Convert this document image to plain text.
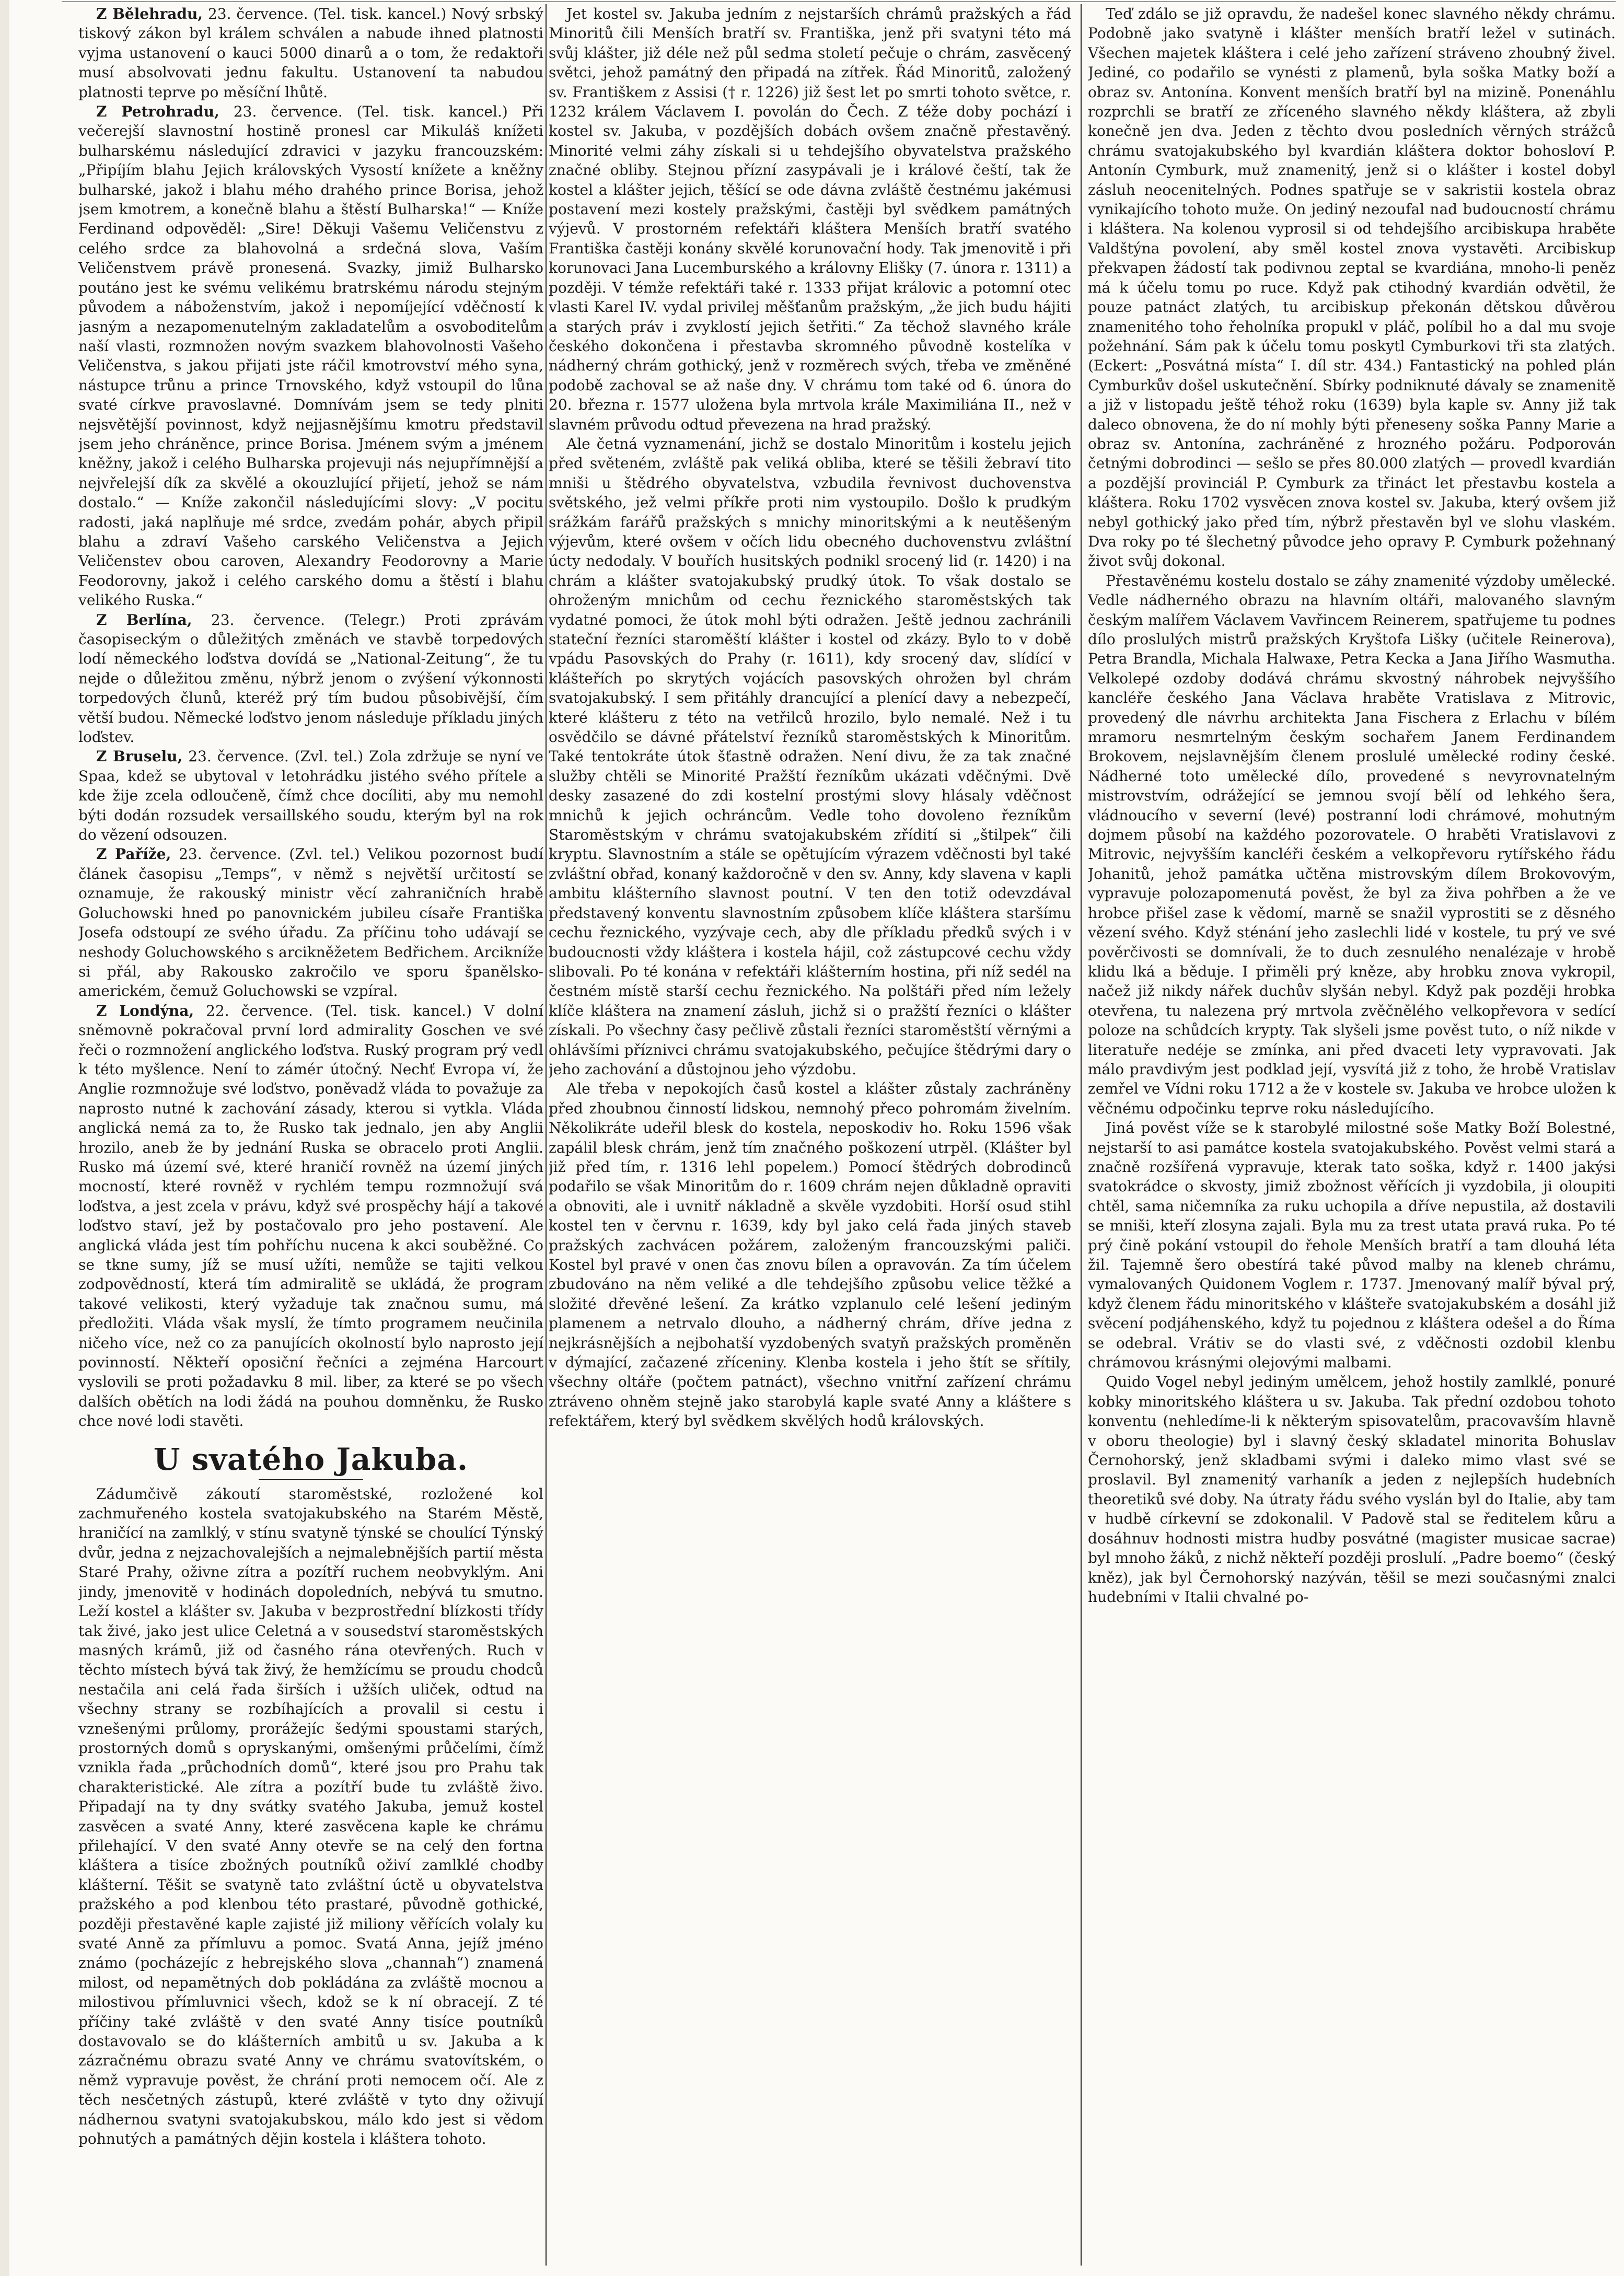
Z Bělehradu, 23. července. (Tel. tisk. kancel.) Nový srbský tiskový zákon byl králem schválen a nabude ihned platnosti vyjma ustanovení o kauci 5000 dinarů a o tom, že redaktoři musí absolvovati jednu fakultu. Ustanovení ta nabudou platnosti teprve po měsíční lhůtě.

Z Petrohradu, 23. července. (Tel. tisk. kancel.) Při večerejší slavnostní hostině pronesl car Mikuláš knížeti bulharskému následující zdravici v jazyku francouzském: „Připíjím blahu Jejich královských Vysostí knížete a kněžny bulharské, jakož i blahu mého drahého prince Borisa, jehož jsem kmotrem, a konečně blahu a štěstí Bulharska!“ — Kníže Ferdinand odpověděl: „Sire! Děkuji Vašemu Veličenstvu z celého srdce za blahovolná a srdečná slova, Vaším Veličenstvem právě pronesená. Svazky, jimiž Bulharsko poutáno jest ke svému velikému bratrskému národu stejným původem a náboženstvím, jakož i nepomíjející vděčností k jasným a nezapomenutelným zakladatelům a osvoboditelům naší vlasti, rozmnožen novým svazkem blahovolnosti Vašeho Veličenstva, s jakou přijati jste ráčil kmotrovství mého syna, nástupce trůnu a prince Trnovského, když vstoupil do lůna svaté církve pravoslavné. Domnívám jsem se tedy plniti nejsvětější povinnost, když nejjasnějšímu kmotru představil jsem jeho chráněnce, prince Borisa. Jménem svým a jménem kněžny, jakož i celého Bulharska projevuji nás nejupřímnější a nejvřelejší dík za skvělé a okouzlující přijetí, jehož se nám dostalo.“ — Kníže zakončil následujícími slovy: „V pocitu radosti, jaká naplňuje mé srdce, zvedám pohár, abych připil blahu a zdraví Vašeho carského Veličenstva a Jejich Veličenstev obou caroven, Alexandry Feodorovny a Marie Feodorovny, jakož i celého carského domu a štěstí i blahu velikého Ruska.“

Z Berlína, 23. července. (Telegr.) Proti zprávám časopiseckým o důležitých změnách ve stavbě torpedových lodí německého loďstva dovídá se „National-Zeitung“, že tu nejde o důležitou změnu, nýbrž jenom o zvýšení výkonnosti torpedových člunů, kteréž prý tím budou působivější, čím větší budou. Německé loďstvo jenom následuje příkladu jiných loďstev.

Z Bruselu, 23. července. (Zvl. tel.) Zola zdržuje se nyní ve Spaa, kdež se ubytoval v letohrádku jistého svého přítele a kde žije zcela odloučeně, čímž chce docíliti, aby mu nemohl býti dodán rozsudek versaillského soudu, kterým byl na rok do vězení odsouzen.

Z Paříže, 23. července. (Zvl. tel.) Velikou pozornost budí článek časopisu „Temps“, v němž s největší určitostí se oznamuje, že rakouský ministr věcí zahraničních hrabě Goluchowski hned po panovnickém jubileu císaře Františka Josefa odstoupí ze svého úřadu. Za příčinu toho udávají se neshody Goluchowského s arcikněžetem Bedřichem. Arcikníže si přál, aby Rakousko zakročilo ve sporu španělsko-americkém, čemuž Goluchowski se vzpíral.

Z Londýna, 22. července. (Tel. tisk. kancel.) V dolní sněmovně pokračoval první lord admirality Goschen ve své řeči o rozmnožení anglického loďstva. Ruský program prý vedl k této myšlence. Není to zámér útočný. Nechť Evropa ví, že Anglie rozmnožuje své loďstvo, poněvadž vláda to považuje za naprosto nutné k zachování zásady, kterou si vytkla. Vláda anglická nemá za to, že Rusko tak jednalo, jen aby Anglii hrozilo, aneb že by jednání Ruska se obracelo proti Anglii. Rusko má území své, které hraničí rovněž na území jiných mocností, které rovněž v rychlém tempu rozmnožují svá loďstva, a jest zcela v právu, když své prospěchy hájí a takové loďstvo staví, jež by postačovalo pro jeho postavení. Ale anglická vláda jest tím pohříchu nucena k akci souběžné. Co se tkne sumy, jíž se musí užíti, nemůže se tajiti velkou zodpovědností, která tím admiralitě se ukládá, že program takové velikosti, který vyžaduje tak značnou sumu, má předložiti. Vláda však myslí, že tímto programem neučinila ničeho více, než co za panujících okolností bylo naprosto její povinností. Někteří oposiční řečníci a zejména Harcourt vyslovili se proti požadavku 8 mil. liber, za které se po všech dalších obětích na lodi žádá na pouhou domněnku, že Rusko chce nové lodi stavěti.

U svatého Jakuba.

Zádumčivě zákoutí staroměstské, rozložené kol zachmuřeného kostela svatojakubského na Starém Městě, hraničící na zamlklý, v stínu svatyně týnské se choulící Týnský dvůr, jedna z nejzachovalejších a nejmalebnějších partií města Staré Prahy, oživne zítra a pozítří ruchem neobvyklým. Ani jindy, jmenovitě v hodinách dopoledních, nebývá tu smutno. Leží kostel a klášter sv. Jakuba v bezprostřední blízkosti třídy tak živé, jako jest ulice Celetná a v sousedství staroměstských masných krámů, již od časného rána otevřených. Ruch v těchto místech bývá tak živý, že hemžícímu se proudu chodců nestačila ani celá řada širších i užších uliček, odtud na všechny strany se rozbíhajících a provalil si cestu i vznešenými průlomy, prorážejíc šedými spoustami starých, prostorných domů s opryskanými, omšenými průčelími, čímž vznikla řada „průchodních domů“, které jsou pro Prahu tak charakteristické. Ale zítra a pozítří bude tu zvláště živo. Připadají na ty dny svátky svatého Jakuba, jemuž kostel zasvěcen a svaté Anny, které zasvěcena kaple ke chrámu přilehající. V den svaté Anny otevře se na celý den fortna kláštera a tisíce zbožných poutníků oživí zamlklé chodby klášterní. Těšit se svatyně tato zvláštní úctě u obyvatelstva pražského a pod klenbou této prastaré, původně gothické, později přestavěné kaple zajisté již miliony věřících volaly ku svaté Anně za přímluvu a pomoc. Svatá Anna, jejíž jméno známo (pocházejíc z hebrejského slova „channah“) znamená milost, od nepamětných dob pokládána za zvláště mocnou a milostivou přímluvnici všech, kdož se k ní obracejí. Z té příčiny také zvláště v den svaté Anny tisíce poutníků dostavovalo se do klášterních ambitů u sv. Jakuba a k zázračnému obrazu svaté Anny ve chrámu svatovítském, o němž vypravuje pověst, že chrání proti nemocem očí. Ale z těch nesčetných zástupů, které zvláště v tyto dny oživují nádhernou svatyni svatojakubskou, málo kdo jest si vědom pohnutých a památných dějin kostela i kláštera tohoto.

Jet kostel sv. Jakuba jedním z nejstarších chrámů pražských a řád Minoritů čili Menších bratří sv. Františka, jenž při svatyni této má svůj klášter, již déle než půl sedma století pečuje o chrám, zasvěcený světci, jehož památný den připadá na zítřek. Řád Minoritů, založený sv. Františkem z Assisi († r. 1226) již šest let po smrti tohoto světce, r. 1232 králem Václavem I. povolán do Čech. Z téže doby pochází i kostel sv. Jakuba, v pozdějších dobách ovšem značně přestavěný. Minorité velmi záhy získali si u tehdejšího obyvatelstva pražského značné obliby. Stejnou přízní zasypávali je i králové čeští, tak že kostel a klášter jejich, těšící se ode dávna zvláště čestnému jakémusi postavení mezi kostely pražskými, častěji byl svědkem památných výjevů. V prostorném refektáři kláštera Menších bratří svatého Františka častěji konány skvělé korunovační hody. Tak jmenovitě i při korunovaci Jana Lucemburského a královny Elišky (7. února r. 1311) a později. V témže refektáři také r. 1333 přijat královic a potomní otec vlasti Karel IV. vydal privilej měšťanům pražským, „že jich budu hájiti a starých práv i zvyklostí jejich šetřiti.“ Za těchož slavného krále českého dokončena i přestavba skromného původně kostelíka v nádherný chrám gothický, jenž v rozměrech svých, třeba ve změněné podobě zachoval se až naše dny. V chrámu tom také od 6. února do 20. března r. 1577 uložena byla mrtvola krále Maximiliána II., než v slavném průvodu odtud převezena na hrad pražský.

Ale četná vyznamenání, jichž se dostalo Minoritům i kostelu jejich před světeném, zvláště pak veliká obliba, které se těšili žebraví tito mniši u štědrého obyvatelstva, vzbudila řevnivost duchovenstva světského, jež velmi příkře proti nim vystoupilo. Došlo k prudkým srážkám farářů pražských s mnichy minoritskými a k neutěšeným výjevům, které ovšem v očích lidu obecného duchovenstvu zvláštní úcty nedodaly. V bouřích husitských podnikl srocený lid (r. 1420) i na chrám a klášter svatojakubský prudký útok. To však dostalo se ohroženým mnichům od cechu řeznického staroměstských tak vydatné pomoci, že útok mohl býti odražen. Ještě jednou zachránili stateční řezníci staroměští klášter i kostel od zkázy. Bylo to v době vpádu Pasovských do Prahy (r. 1611), kdy srocený dav, slídící v klášteřích po skrytých vojácích pasovských ohrožen byl chrám svatojakubský. I sem přitáhly drancující a plenící davy a nebezpečí, které klášteru z této na vetřilců hrozilo, bylo nemalé. Než i tu osvědčilo se dávné přátelství řezníků staroměstských k Minoritům. Také tentokráte útok šťastně odražen. Není divu, že za tak značné služby chtěli se Minorité Pražští řezníkům ukázati vděčnými. Dvě desky zasazené do zdi kostelní prostými slovy hlásaly vděčnost mnichů k jejich ochráncům. Vedle toho dovoleno řezníkům Staroměstským v chrámu svatojakubském zřídití si „štilpek“ čili kryptu. Slavnostním a stále se opětujícím výrazem vděčnosti byl také zvláštní obřad, konaný každoročně v den sv. Anny, kdy slavena v kapli ambitu klášterního slavnost poutní. V ten den totiž odevzdával představený konventu slavnostním způsobem klíče kláštera staršímu cechu řeznického, vyzývaje cech, aby dle příkladu předků svých i v budoucnosti vždy kláštera i kostela hájil, což zástupcové cechu vždy slibovali. Po té konána v refektáři klášterním hostina, při níž sedél na čestném místě starší cechu řeznického. Na polštáři před ním ležely klíče kláštera na znamení zásluh, jichž si o pražští řezníci o klášter získali. Po všechny časy pečlivě zůstali řezníci staroměstští věrnými a ohlávšími příznivci chrámu svatojakubského, pečujíce štědrými dary o jeho zachování a důstojnou jeho výzdobu.

Ale třeba v nepokojích časů kostel a klášter zůstaly zachráněny před zhoubnou činností lidskou, nemnohý přeco pohromám živelním. Několikráte udeřil blesk do kostela, neposkodiv ho. Roku 1596 však zapálil blesk chrám, jenž tím značného poškození utrpěl. (Klášter byl již před tím, r. 1316 lehl popelem.) Pomocí štědrých dobrodinců podařilo se však Minoritům do r. 1609 chrám nejen důkladně opraviti a obnoviti, ale i uvnitř nákladně a skvěle vyzdobiti. Horší osud stihl kostel ten v červnu r. 1639, kdy byl jako celá řada jiných staveb pražských zachvácen požárem, založeným francouzskými paliči. Kostel byl pravé v onen čas znovu bílen a opravován. Za tím účelem zbudováno na něm veliké a dle tehdejšího způsobu velice těžké a složité dřevěné lešení. Za krátko vzplanulo celé lešení jediným plamenem a netrvalo dlouho, a nádherný chrám, dříve jedna z nejkrásnějších a nejbohatší vyzdobených svatyň pražských proměněn v dýmající, začazené zříceniny. Klenba kostela i jeho štít se sřítily, všechny oltáře (počtem patnáct), všechno vnitřní zařízení chrámu ztráveno ohněm stejně jako starobylá kaple svaté Anny a kláštere s refektářem, který byl svědkem skvělých hodů královských.

Teď zdálo se již opravdu, že nadešel konec slavného někdy chrámu. Podobně jako svatyně i klášter menších bratří ležel v sutinách. Všechen majetek kláštera i celé jeho zařízení stráveno zhoubný živel. Jediné, co podařilo se vynésti z plamenů, byla soška Matky boží a obraz sv. Antonína. Konvent menších bratří byl na mizině. Ponenáhlu rozprchli se bratří ze zříceného slavného někdy kláštera, až zbyli konečně jen dva. Jeden z těchto dvou posledních věrných strážců chrámu svatojakubského byl kvardián kláštera doktor bohosloví P. Antonín Cymburk, muž znamenitý, jenž si o klášter i kostel dobyl zásluh neocenitelných. Podnes spatřuje se v sakristii kostela obraz vynikajícího tohoto muže. On jediný nezoufal nad budoucností chrámu i kláštera. Na kolenou vyprosil si od tehdejšího arcibiskupa hraběte Valdštýna povolení, aby směl kostel znova vystavěti. Arcibiskup překvapen žádostí tak podivnou zeptal se kvardiána, mnoho-li peněz má k účelu tomu po ruce. Když pak ctihodný kvardián odvětil, že pouze patnáct zlatých, tu arcibiskup překonán dětskou důvěrou znamenitého toho řeholníka propukl v pláč, políbil ho a dal mu svoje požehnání. Sám pak k účelu tomu poskytl Cymburkovi tři sta zlatých. (Eckert: „Posvátná místa“ I. díl str. 434.) Fantastický na pohled plán Cymburkův došel uskutečnění. Sbírky podniknuté dávaly se znamenitě a již v listopadu ještě téhož roku (1639) byla kaple sv. Anny již tak daleco obnovena, že do ní mohly býti přeneseny soška Panny Marie a obraz sv. Antonína, zachráněné z hrozného požáru. Podporován četnými dobrodinci — sešlo se přes 80.000 zlatých — provedl kvardián a pozdější provinciál P. Cymburk za třináct let přestavbu kostela a kláštera. Roku 1702 vysvěcen znova kostel sv. Jakuba, který ovšem již nebyl gothický jako před tím, nýbrž přestavěn byl ve slohu vlaském. Dva roky po té šlechetný původce jeho opravy P. Cymburk požehnaný život svůj dokonal.

Přestavěnému kostelu dostalo se záhy znamenité výzdoby umělecké. Vedle nádherného obrazu na hlavním oltáři, malovaného slavným českým malířem Václavem Vavřincem Reinerem, spatřujeme tu podnes dílo proslulých mistrů pražských Kryštofa Lišky (učitele Reinerova), Petra Brandla, Michala Halwaxe, Petra Kecka a Jana Jiřího Wasmutha. Velkolepé ozdoby dodává chrámu skvostný náhrobek nejvyššího kancléře českého Jana Václava hraběte Vratislava z Mitrovic, provedený dle návrhu architekta Jana Fischera z Erlachu v bílém mramoru nesmrtelným českým sochařem Janem Ferdinandem Brokovem, nejslavnějším členem proslulé umělecké rodiny české. Nádherné toto umělecké dílo, provedené s nevyrovnatelným mistrovstvím, odrážející se jemnou svojí bělí od lehkého šera, vládnoucího v severní (levé) postranní lodi chrámové, mohutným dojmem působí na každého pozorovatele. O hraběti Vratislavovi z Mitrovic, nejvyšším kancléři českém a velkopřevoru rytířského řádu Johanitů, jehož památka učtěna mistrovským dílem Brokovovým, vypravuje polozapomenutá pověst, že byl za živa pohřben a že ve hrobce přišel zase k vědomí, marně se snažil vyprostiti se z děsného vězení svého. Když sténání jeho zaslechli lidé v kostele, tu prý ve své pověrčivosti se domnívali, že to duch zesnulého nenalézaje v hrobě klidu lká a běduje. I přiměli prý kněze, aby hrobku znova vykropil, načež již nikdy nářek duchův slyšán nebyl. Když pak později hrobka otevřena, tu nalezena prý mrtvola zvěčnělého velkopřevora v sedící poloze na schůdcích krypty. Tak slyšeli jsme pověst tuto, o níž nikde v literatuře nedéje se zmínka, ani před dvaceti lety vypravovati. Jak málo pravdivým jest podklad její, vysvítá již z toho, že hrobě Vratislav zemřel ve Vídni roku 1712 a že v kostele sv. Jakuba ve hrobce uložen k věčnému odpočinku teprve roku následujícího.

Jiná pověst víže se k starobylé milostné soše Matky Boží Bolestné, nejstarší to asi památce kostela svatojakubského. Pověst velmi stará a značně rozšířená vypravuje, kterak tato soška, když r. 1400 jakýsi svatokrádce o skvosty, jimiž zbožnost věřících ji vyzdobila, ji oloupiti chtěl, sama ničemníka za ruku uchopila a dříve nepustila, až dostavili se mniši, kteří zlosyna zajali. Byla mu za trest utata pravá ruka. Po té prý čině pokání vstoupil do řehole Menších bratří a tam dlouhá léta žil. Tajemně šero obestírá také původ malby na kleneb chrámu, vymalovaných Quidonem Voglem r. 1737. Jmenovaný malíř býval prý, když členem řádu minoritského v klášteře svatojakubském a dosáhl již svěcení podjáhenského, když tu pojednou z kláštera odešel a do Říma se odebral. Vrátiv se do vlasti své, z vděčnosti ozdobil klenbu chrámovou krásnými olejovými malbami.

Quido Vogel nebyl jediným umělcem, jehož hostily zamlklé, ponuré kobky minoritského kláštera u sv. Jakuba. Tak přední ozdobou tohoto konventu (nehledíme-li k některým spisovatelům, pracovavším hlavně v oboru theologie) byl i slavný český skladatel minorita Bohuslav Černohorský, jenž skladbami svými i daleko mimo vlast své se proslavil. Byl znamenitý varhaník a jeden z nejlepších hudebních theoretiků své doby. Na útraty řádu svého vyslán byl do Italie, aby tam v hudbě církevní se zdokonalil. V Padově stal se ředitelem kůru a dosáhnuv hodnosti mistra hudby posvátné (magister musicae sacrae) byl mnoho žáků, z nichž někteří později proslulí. „Padre boemo“ (český kněz), jak byl Černohorský nazýván, těšil se mezi současnými znalci hudebními v Italii chvalné po-
